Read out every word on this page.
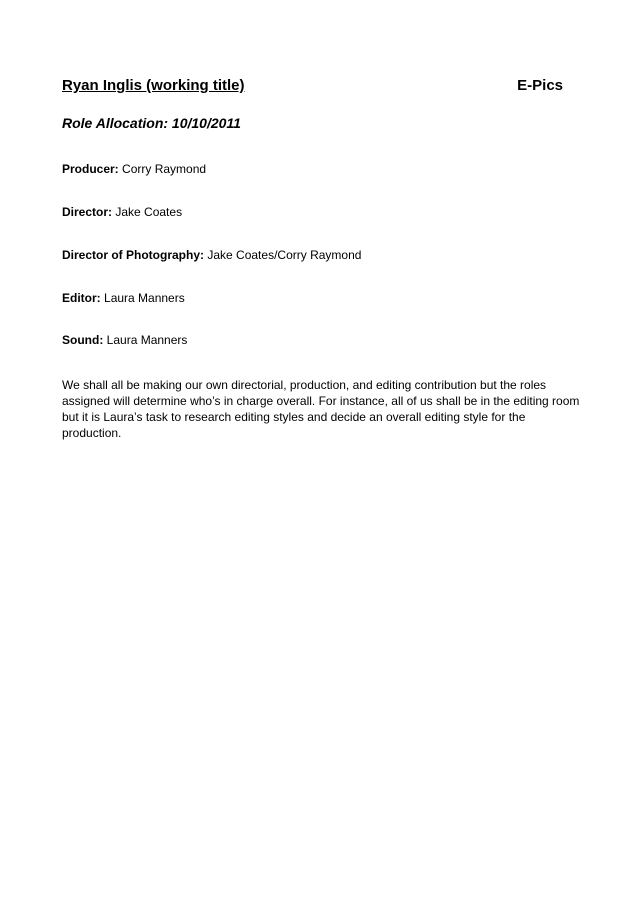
Ryan Inglis (working title)	E-Pics
Role Allocation: 10/10/2011
Producer: Corry Raymond
Director: Jake Coates
Director of Photography: Jake Coates/Corry Raymond
Editor: Laura Manners
Sound: Laura Manners
We shall all be making our own directorial, production, and editing contribution but the roles
assigned will determine who’s in charge overall. For instance, all of us shall be in the editing room
but it is Laura’s task to research editing styles and decide an overall editing style for the
production.
